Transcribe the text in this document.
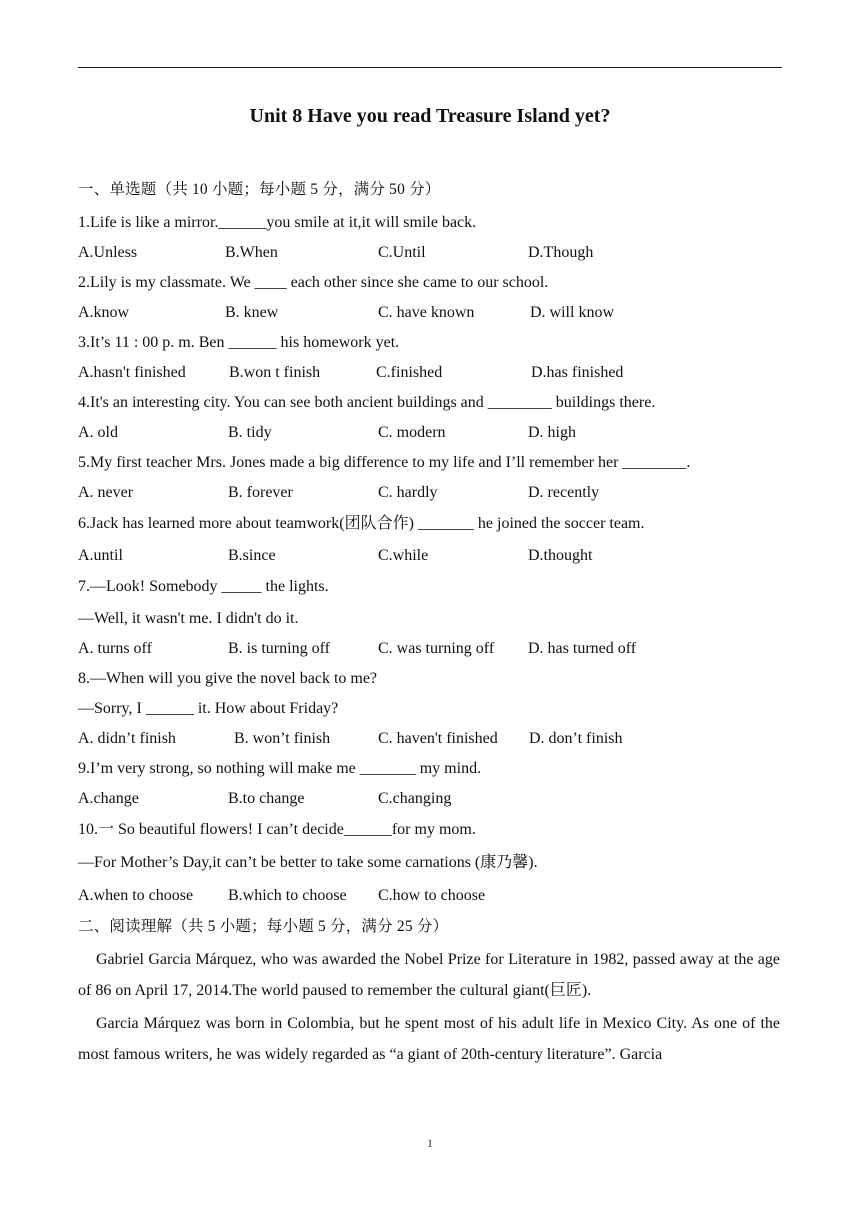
Unit 8 Have you read Treasure Island yet?
一、单选题（共 10 小题；每小题 5 分，满分 50 分）
1.Life is like a mirror.______you smile at it,it will smile back.
A.Unless	B.When	C.Until	D.Though
2.Lily is my classmate. We ____ each other since she came to our school.
A.know	B. knew	C. have known	D. will know
3.It’s 11 : 00 p. m. Ben ______ his homework yet.
A.hasn't finished	B.won t finish	C.finished	D.has finished
4.It's an interesting city. You can see both ancient buildings and ________ buildings there.
A. old	B. tidy	C. modern	D. high
5.My first teacher Mrs. Jones made a big difference to my life and I’ll remember her ________.
A. never	B. forever	C. hardly	D. recently
6.Jack has learned more about teamwork(团队合作) _______ he joined the soccer team.
A.until	B.since	C.while	D.thought
7.—Look! Somebody _____ the lights.
—Well, it wasn't me. I didn't do it.
A. turns off	B. is turning off	C. was turning off D. has turned off
8.—When will you give the novel back to me?
—Sorry, I ______ it. How about Friday?
A. didn’t finish	B. won’t finish	C. haven't finished D. don’t finish
9.I’m very strong, so nothing will make me _______ my mind.
A.change	B.to change	C.changing
10.一 So beautiful flowers! I can’t decide______for my mom.
—For Mother’s Day,it can’t be better to take some carnations (康乃馨).
A.when to choose B.which to choose C.how to choose
二、阅读理解（共 5 小题；每小题 5 分，满分 25 分）
Gabriel Garcia Márquez, who was awarded the Nobel Prize for Literature in 1982, passed away at the age of 86 on April 17, 2014.The world paused to remember the cultural giant(巨匠).
Garcia Márquez was born in Colombia, but he spent most of his adult life in Mexico City. As one of the most famous writers, he was widely regarded as “a giant of 20th-century literature”. Garcia
1
